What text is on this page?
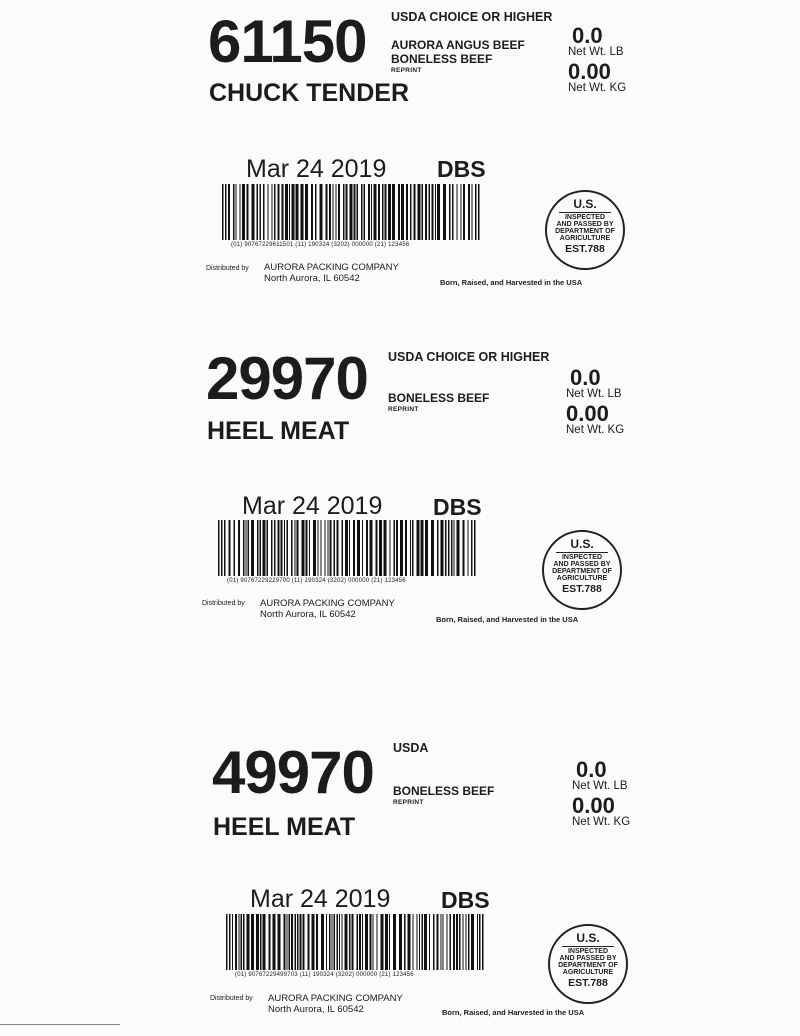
61150
CHUCK TENDER
USDA CHOICE OR HIGHER
AURORA ANGUS BEEF
BONELESS BEEF
REPRINT
0.0
Net Wt. LB
0.00
Net Wt. KG
Mar 24 2019 DBS
(01) 90767229611501 (11) 190324 (3202) 000000 (21) 123456
Distributed by AURORA PACKING COMPANY
North Aurora, IL 60542	Born, Raised, and Harvested in the USA
U.S.
INSPECTED
AND PASSED BY
DEPARTMENT OF
AGRICULTURE
EST.788
29970
HEEL MEAT
USDA CHOICE OR HIGHER
BONELESS BEEF
REPRINT
0.0
Net Wt. LB
0.00
Net Wt. KG
Mar 24 2019 DBS
(01) 90767229229700 (11) 190324 (3202) 000000 (21) 123456
Distributed by AURORA PACKING COMPANY
North Aurora, IL 60542	Born, Raised, and Harvested in the USA
U.S.
INSPECTED
AND PASSED BY
DEPARTMENT OF
AGRICULTURE
EST.788
49970
HEEL MEAT
USDA
BONELESS BEEF
REPRINT
0.0
Net Wt. LB
0.00
Net Wt. KG
Mar 24 2019 DBS
(01) 90767229499703 (11) 190324 (3202) 000000 (21) 123456
Distributed by AURORA PACKING COMPANY
North Aurora, IL 60542	Born, Raised, and Harvested in the USA
U.S.
INSPECTED
AND PASSED BY
DEPARTMENT OF
AGRICULTURE
EST.788
